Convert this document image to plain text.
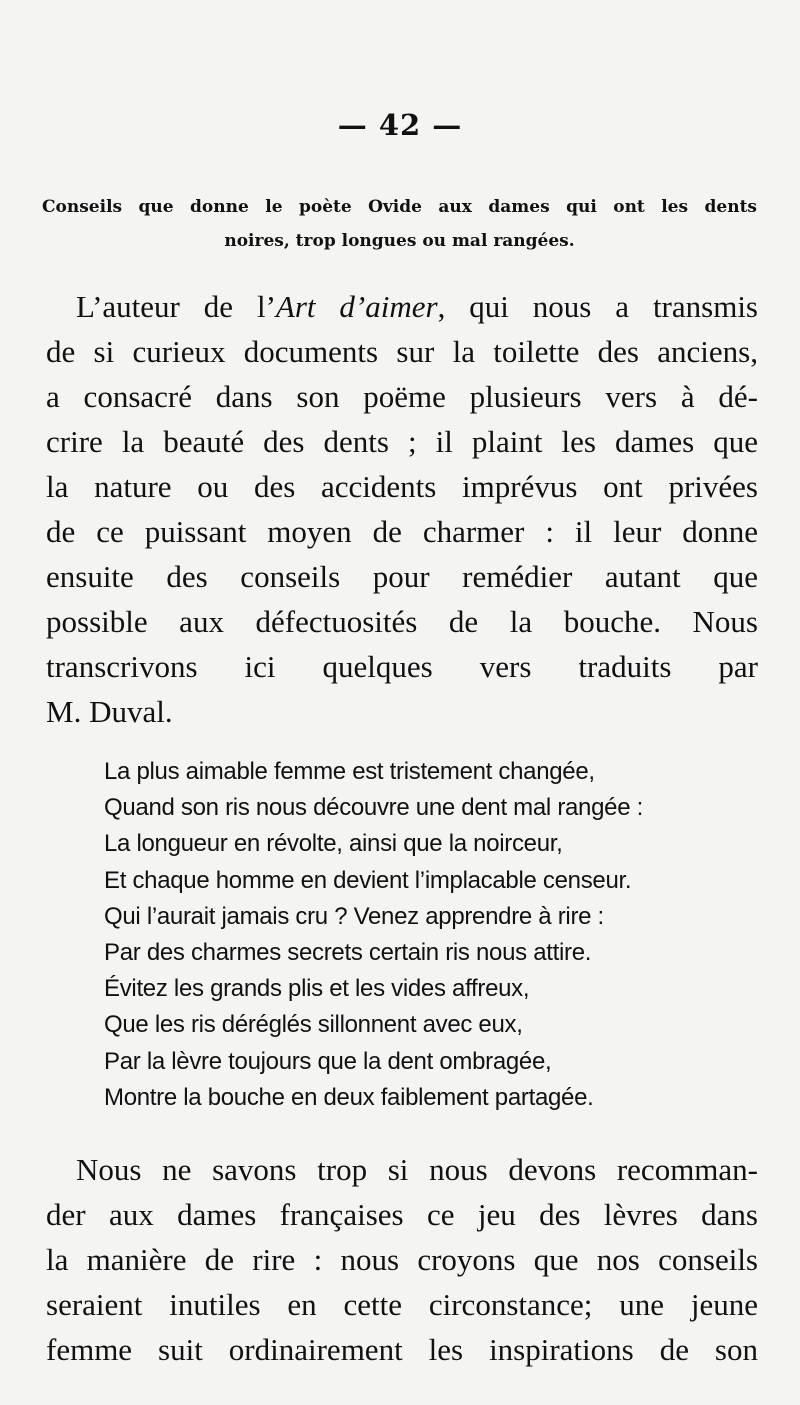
— 42 —
Conseils que donne le poète Ovide aux dames qui ont les dents
noires, trop longues ou mal rangées.
L’auteur de l’Art d’aimer, qui nous a transmis
de si curieux documents sur la toilette des anciens,
a consacré dans son poëme plusieurs vers à dé-
crire la beauté des dents ; il plaint les dames que
la nature ou des accidents imprévus ont privées
de ce puissant moyen de charmer : il leur donne
ensuite des conseils pour remédier autant que
possible aux défectuosités de la bouche. Nous
transcrivons ici quelques vers traduits par
M. Duval.
La plus aimable femme est tristement changée,
Quand son ris nous découvre une dent mal rangée :
La longueur en révolte, ainsi que la noirceur,
Et chaque homme en devient l’implacable censeur.
Qui l’aurait jamais cru ? Venez apprendre à rire :
Par des charmes secrets certain ris nous attire.
Évitez les grands plis et les vides affreux,
Que les ris déréglés sillonnent avec eux,
Par la lèvre toujours que la dent ombragée,
Montre la bouche en deux faiblement partagée.
Nous ne savons trop si nous devons recomman-
der aux dames françaises ce jeu des lèvres dans
la manière de rire : nous croyons que nos conseils
seraient inutiles en cette circonstance; une jeune
femme suit ordinairement les inspirations de son
